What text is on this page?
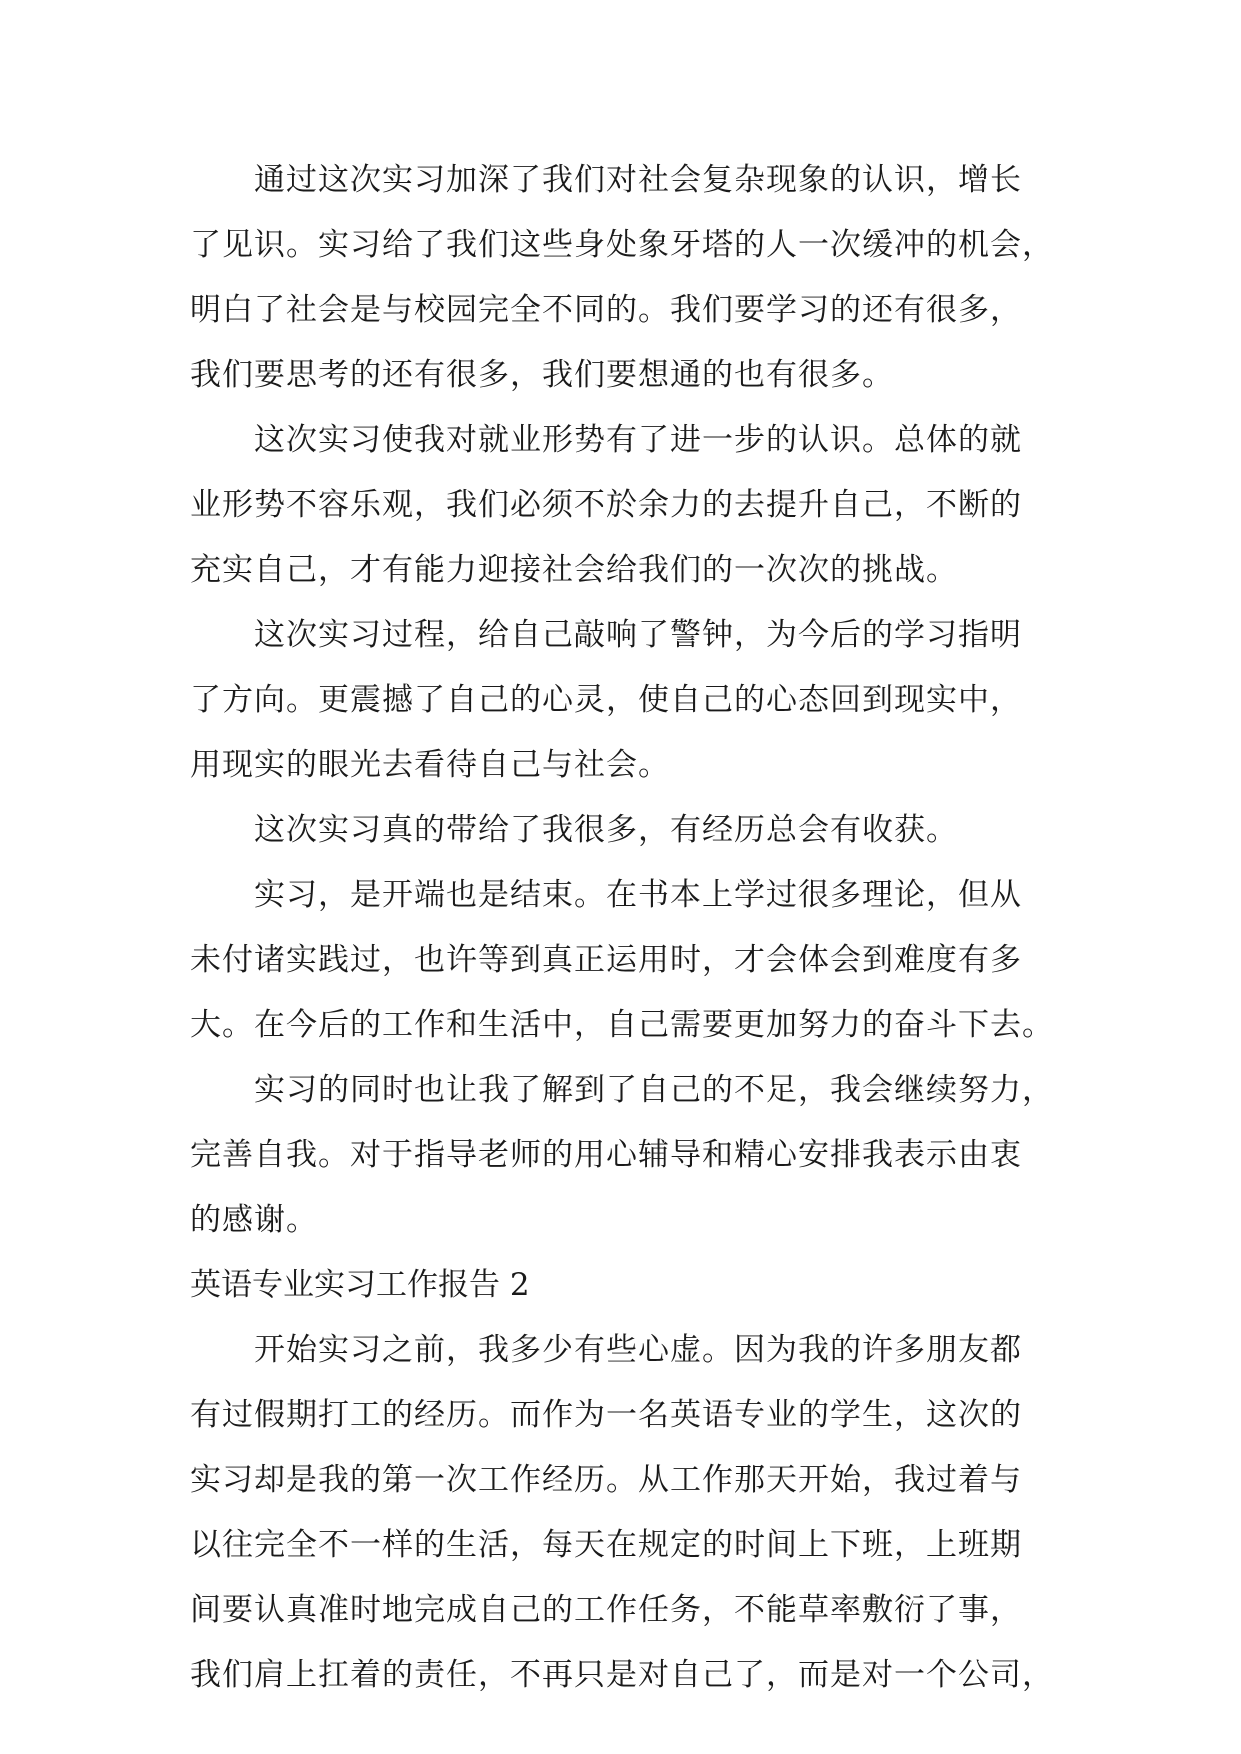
通过这次实习加深了我们对社会复杂现象的认识，增长

了见识。实习给了我们这些身处象牙塔的人一次缓冲的机会，

明白了社会是与校园完全不同的。我们要学习的还有很多，

我们要思考的还有很多，我们要想通的也有很多。

这次实习使我对就业形势有了进一步的认识。总体的就

业形势不容乐观，我们必须不於余力的去提升自己，不断的

充实自己，才有能力迎接社会给我们的一次次的挑战。

这次实习过程，给自己敲响了警钟，为今后的学习指明

了方向。更震撼了自己的心灵，使自己的心态回到现实中，

用现实的眼光去看待自己与社会。

这次实习真的带给了我很多，有经历总会有收获。

实习，是开端也是结束。在书本上学过很多理论，但从

未付诸实践过，也许等到真正运用时，才会体会到难度有多

大。在今后的工作和生活中，自己需要更加努力的奋斗下去。

实习的同时也让我了解到了自己的不足，我会继续努力，

完善自我。对于指导老师的用心辅导和精心安排我表示由衷

的感谢。

英语专业实习工作报告 2

开始实习之前，我多少有些心虚。因为我的许多朋友都

有过假期打工的经历。而作为一名英语专业的学生，这次的

实习却是我的第一次工作经历。从工作那天开始，我过着与

以往完全不一样的生活，每天在规定的时间上下班，上班期

间要认真准时地完成自己的工作任务，不能草率敷衍了事，

我们肩上扛着的责任，不再只是对自己了，而是对一个公司，
